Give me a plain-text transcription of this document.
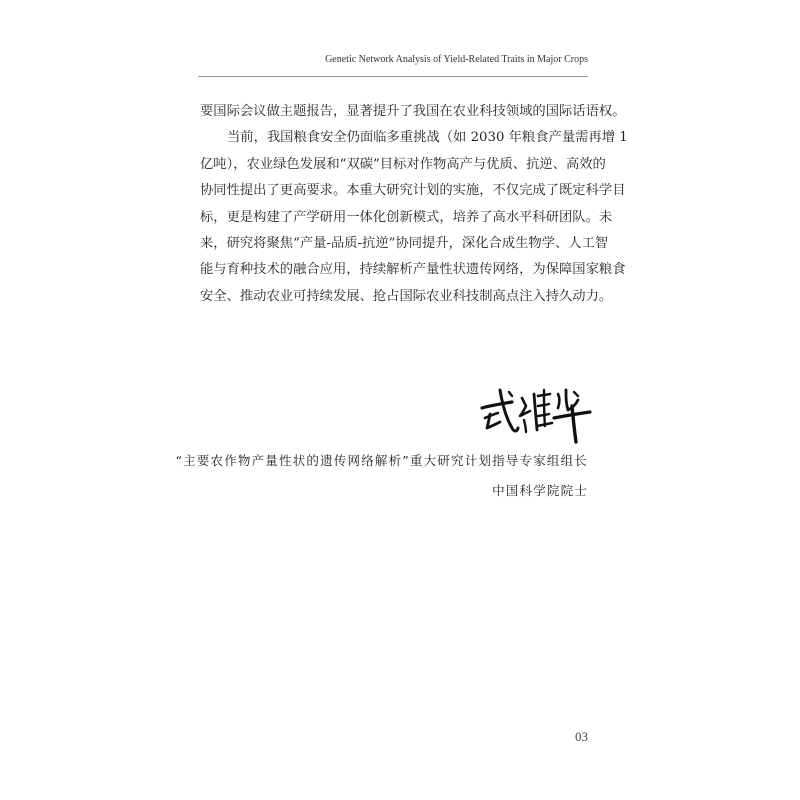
Genetic Network Analysis of Yield-Related Traits in Major Crops

要国际会议做主题报告，显著提升了我国在农业科技领域的国际话语权。

当前，我国粮食安全仍面临多重挑战（如 2030 年粮食产量需再增 1

亿吨），农业绿色发展和“双碳”目标对作物高产与优质、抗逆、高效的

协同性提出了更高要求。本重大研究计划的实施，不仅完成了既定科学目

标，更是构建了产学研用一体化创新模式，培养了高水平科研团队。未

来，研究将聚焦“产量-品质-抗逆”协同提升，深化合成生物学、人工智

能与育种技术的融合应用，持续解析产量性状遗传网络，为保障国家粮食

安全、推动农业可持续发展、抢占国际农业科技制高点注入持久动力。

“主要农作物产量性状的遗传网络解析”重大研究计划指导专家组组长
中国科学院院士
03
